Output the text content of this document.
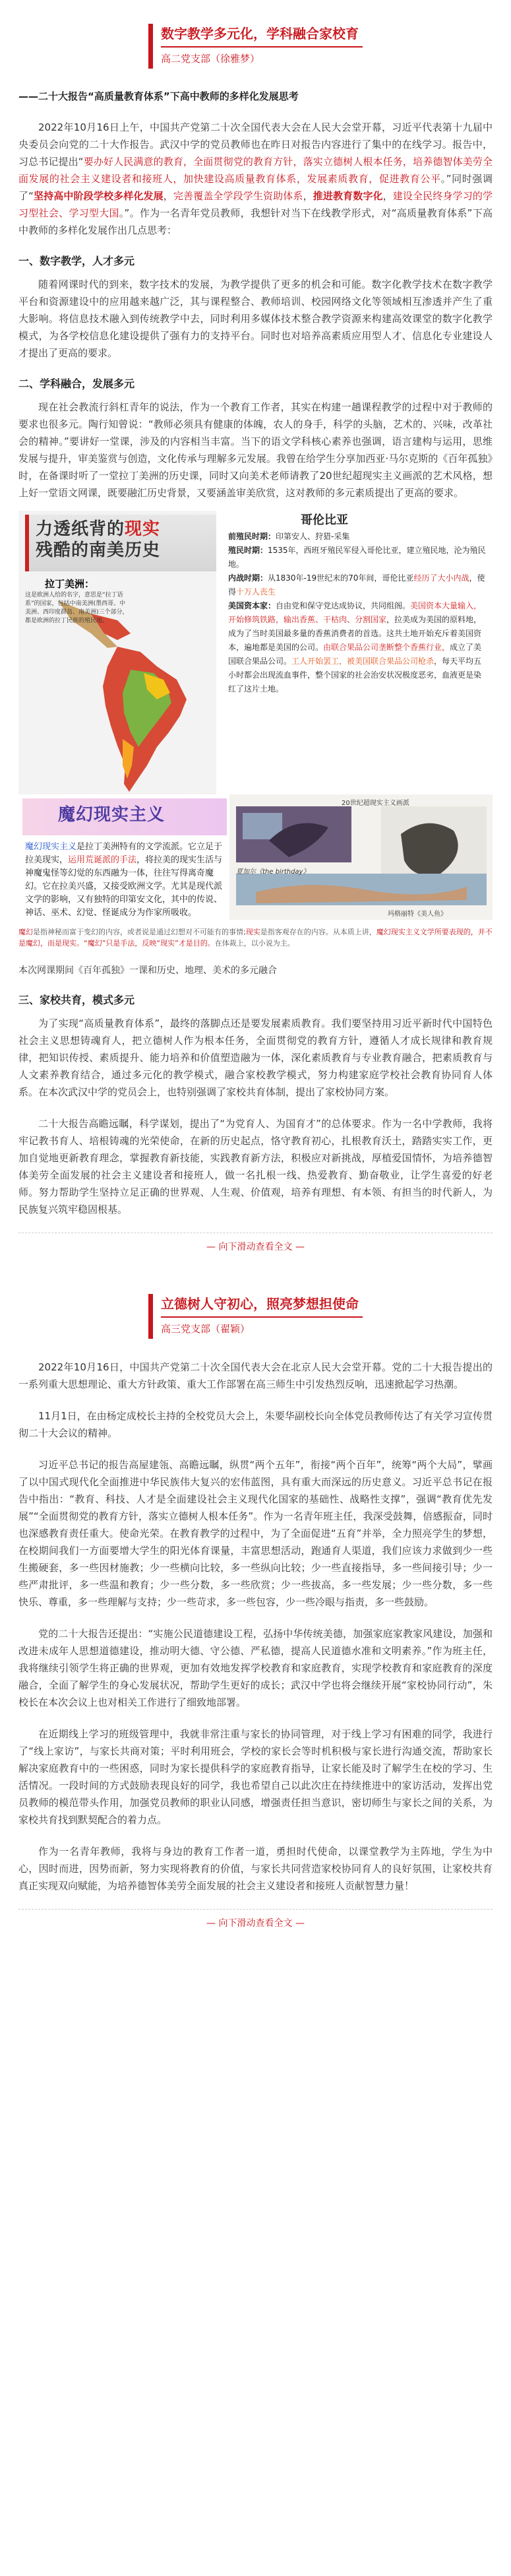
数字教学多元化，学科融合家校育
高二党支部（徐雅梦）
——二十大报告“高质量教育体系”下高中教师的多样化发展思考

2022年10月16日上午，中国共产党第二十次全国代表大会在人民大会堂开幕，习近平代表第十九届中央委员会向党的二十大作报告。武汉中学的党员教师也在昨日对报告内容进行了集中的在线学习。报告中，习总书记提出“要办好人民满意的教育，全面贯彻党的教育方针，落实立德树人根本任务，培养德智体美劳全面发展的社会主义建设者和接班人，加快建设高质量教育体系，发展素质教育，促进教育公平。”同时强调了“坚持高中阶段学校多样化发展，完善覆盖全学段学生资助体系，推进教育数字化，建设全民终身学习的学习型社会、学习型大国。”。作为一名青年党员教师，我想针对当下在线教学形式，对“高质量教育体系”下高中教师的多样化发展作出几点思考：

一、数字教学，人才多元

随着网课时代的到来，数字技术的发展，为教学提供了更多的机会和可能。数字化教学技术在数字教学平台和资源建设中的应用越来越广泛，其与课程整合、教师培训、校园网络文化等领域相互渗透并产生了重大影响。将信息技术融入到传统教学中去，同时利用多媒体技术整合教学资源来构建高效课堂的数字化教学模式，为各学校信息化建设提供了强有力的支持平台。同时也对培养高素质应用型人才、信息化专业建设人才提出了更高的要求。

二、学科融合，发展多元

现在社会教流行斜杠青年的说法，作为一个教育工作者，其实在构建一趟课程教学的过程中对于教师的要求也很多元。陶行知曾说：“教师必须具有健康的体魄，农人的身手，科学的头脑，艺术的、兴味，改革社会的精神。”要讲好一堂课，涉及的内容相当丰富。当下的语文学科核心素养也强调，语言建构与运用，思维发展与提升，审美鉴赏与创造，文化传承与理解多元发展。我曾在给学生分享加西亚·马尔克斯的《百年孤独》时，在备课时听了一堂拉丁美洲的历史课，同时又向美术老师请教了20世纪超现实主义画派的艺术风格，想上好一堂语文网课，既要融汇历史背景，又要涵盖审美欣赏，这对教师的多元素质提出了更高的要求。

力透纸背的现实
残酷的南美历史
拉丁美洲：
这是欧洲人给的名字，意思是“拉丁语系”的国家，包括中南美洲(墨西哥、中美洲、西印度群岛、南美洲)三个部分，都是欧洲的拉丁民族的殖民地。
哥伦比亚
前殖民时期：印第安人、狩猎-采集
殖民时期：1535年，西班牙殖民军侵入哥伦比亚，建立殖民地，沦为殖民地。
内战时期：从1830年-19世纪末的70年间，哥伦比亚经历了大小内战，使得十万人丧生
美国资本家：自由党和保守党达成协议，共同组阁。美国资本大量输入，开始修筑铁路，输出香蕉、干枯肉、分割国家，拉美成为美国的原料地，成为了当时美国最多量的香蕉消费者的首选。这共土地开始充斥着美国资本，遍地都是美国的公司。由联合果品公司垄断整个香蕉行业，成立了美国联合果品公司。工人开始罢工，被美国联合果品公司枪杀，每天平均五小时都会出现流血事件，整个国家的社会治安状况极度恶劣，血液更是染红了这片土地。
魔幻现实主义
魔幻现实主义是拉丁美洲特有的文学流派。它立足于拉美现实，运用荒诞派的手法，将拉美的现实生活与神魔鬼怪等幻觉的东西融为一体，往往写得离奇魔幻。它在拉美兴盛，又接受欧洲文学。尤其是现代派文学的影响，又有独特的印第安文化，其中的传说、神话、巫术、幻觉、怪诞成分为作家所吸收。
20世纪超现实主义画派
夏加尔《the birthday》
玛格丽特《美人鱼》
魔幻是指神秘而富于变幻的内容，或者说是通过幻想对不可能有的事情;现实是指客观存在的内容。从本质上讲，魔幻现实主义文学所要表现的，并不是魔幻，而是现实。“魔幻”只是手法，反映“现实”才是目的。在体裁上，以小说为主。
本次网课期间《百年孤独》一课和历史、地理、美术的多元融合
三、家校共育，模式多元

为了实现“高质量教育体系”，最终的落脚点还是要发展素质教育。我们要坚持用习近平新时代中国特色社会主义思想铸魂育人，把立德树人作为根本任务，全面贯彻党的教育方针，遵循人才成长规律和教育规律，把知识传授、素质提升、能力培养和价值塑造融为一体，深化素质教育与专业教育融合，把素质教育与人文素养教育结合，通过多元化的教学模式，融合家校教学模式，努力构建家庭学校社会教育协同育人体系。在本次武汉中学的党员会上，也特别强调了家校共育体制，提出了家校协同方案。

二十大报告高瞻远瞩，科学谋划，提出了“为党育人、为国育才”的总体要求。作为一名中学教师，我将牢记教书育人、培根铸魂的光荣使命，在新的历史起点，恪守教育初心，扎根教育沃土，踏踏实实工作，更加自觉地更新教育理念，掌握教育新技能，实践教育新方法，积极应对新挑战，厚植爱国情怀，为培养德智体美劳全面发展的社会主义建设者和接班人，做一名扎根一线、热爱教育、勤奋敬业，让学生喜爱的好老师。努力帮助学生坚持立足正确的世界观、人生观、价值观，培养有理想、有本领、有担当的时代新人，为民族复兴筑牢稳固根基。

— 向下滑动查看全文 —
立德树人守初心，照亮梦想担使命
高三党支部（翟颖）

2022年10月16日，中国共产党第二十次全国代表大会在北京人民大会堂开幕。党的二十大报告提出的一系列重大思想理论、重大方针政策、重大工作部署在高三师生中引发热烈反响，迅速掀起学习热潮。

11月1日，在由杨定成校长主持的全校党员大会上，朱要华副校长向全体党员教师传达了有关学习宣传贯彻二十大会议的精神。

习近平总书记的报告高屋建瓴、高瞻远瞩，纵贯“两个五年”，衔接“两个百年”，统筹“两个大局”，擘画了以中国式现代化全面推进中华民族伟大复兴的宏伟蓝图，具有重大而深远的历史意义。习近平总书记在报告中指出：“教育、科技、人才是全面建设社会主义现代化国家的基础性、战略性支撑”，强调“教育优先发展”“全面贯彻党的教育方针，落实立德树人根本任务”。作为一名青年班主任，我深受鼓舞，倍感振奋，同时也深感教育责任重大。使命光荣。在教育教学的过程中，为了全面促进“五育”并举，全力照亮学生的梦想，在校期间我们一方面要增大学生的阳光体育课量，丰富思想活动，跑通育人渠道，我们应该力求做到少一些生搬硬套，多一些因材施教；少一些横向比较，多一些纵向比较；少一些直接指导，多一些间接引导；少一些严肃批评，多一些温和教育；少一些分数，多一些欣赏；少一些拔高，多一些发展；少一些分数，多一些快乐、尊重，多一些理解与支持；少一些苛求，多一些包容，少一些冷眼与指责，多一些鼓励。

党的二十大报告还提出：“实施公民道德建设工程，弘扬中华传统美德，加强家庭家教家风建设，加强和改进未成年人思想道德建设，推动明大德、守公德、严私德，提高人民道德水准和文明素养。”作为班主任，我将继续引领学生将正确的世界观，更加有效地发挥学校教育和家庭教育，实现学校教育和家庭教育的深度融合，全面了解学生的身心发展状况，帮助学生更好的成长；武汉中学也将会继续开展“家校协同行动”，朱校长在本次会议上也对相关工作进行了细致地部署。

在近期线上学习的班级管理中，我就非常注重与家长的协同管理，对于线上学习有困难的同学，我进行了“线上家访”，与家长共商对策；平时利用班会，学校的家长会等时机积极与家长进行沟通交流，帮助家长解决家庭教育中的一些困惑，同时为家长提供科学的家庭教育指导，让家长能及时了解学生在校的学习、生活情况。一段时间的方式鼓励表现良好的同学，我也希望自己以此次庄在持续推进中的家访活动，发挥出党员教师的模范带头作用，加强党员教师的职业认同感，增强责任担当意识，密切师生与家长之间的关系，为家校共育找到默契配合的着力点。

作为一名青年教师，我将与身边的教育工作者一道，勇担时代使命，以课堂教学为主阵地，学生为中心，因时而进，因势而新，努力实现将教育的价值，与家长共同营造家校协同育人的良好氛围，让家校共育真正实现双向赋能，为培养德智体美劳全面发展的社会主义建设者和接班人贡献智慧力量！

— 向下滑动查看全文 —
